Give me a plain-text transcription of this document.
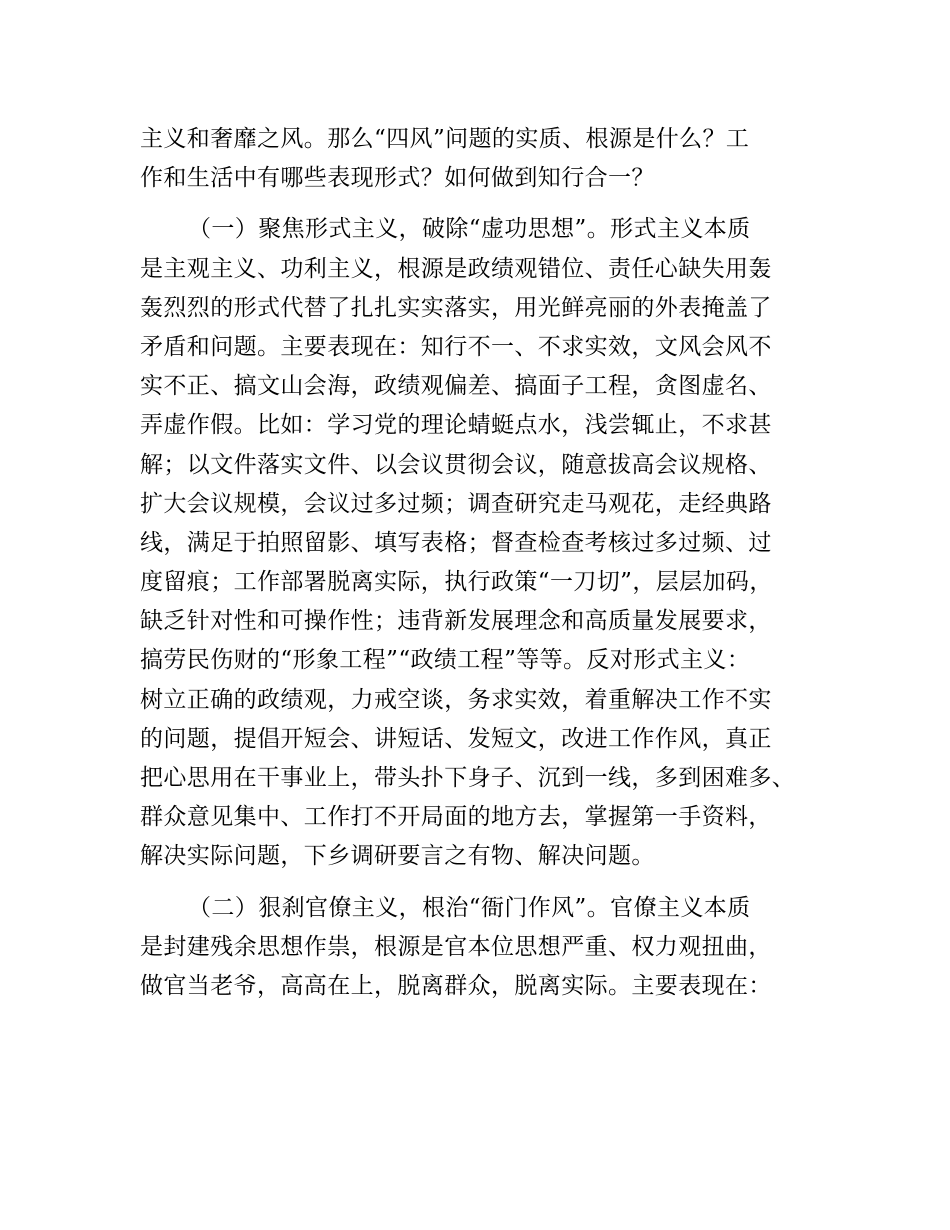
主义和奢靡之风。那么“四风”问题的实质、根源是什么？工
作和生活中有哪些表现形式？如何做到知行合一？
（一）聚焦形式主义，破除“虚功思想”。形式主义本质
是主观主义、功利主义，根源是政绩观错位、责任心缺失用轰
轰烈烈的形式代替了扎扎实实落实，用光鲜亮丽的外表掩盖了
矛盾和问题。主要表现在：知行不一、不求实效，文风会风不
实不正、搞文山会海，政绩观偏差、搞面子工程，贪图虚名、
弄虚作假。比如：学习党的理论蜻蜓点水，浅尝辄止，不求甚
解；以文件落实文件、以会议贯彻会议，随意拔高会议规格、
扩大会议规模，会议过多过频；调查研究走马观花，走经典路
线，满足于拍照留影、填写表格；督查检查考核过多过频、过
度留痕；工作部署脱离实际，执行政策“一刀切”，层层加码，
缺乏针对性和可操作性；违背新发展理念和高质量发展要求，
搞劳民伤财的“形象工程”“政绩工程”等等。反对形式主义：
树立正确的政绩观，力戒空谈，务求实效，着重解决工作不实
的问题，提倡开短会、讲短话、发短文，改进工作作风，真正
把心思用在干事业上，带头扑下身子、沉到一线，多到困难多、
群众意见集中、工作打不开局面的地方去，掌握第一手资料，
解决实际问题，下乡调研要言之有物、解决问题。
（二）狠刹官僚主义，根治“衙门作风”。官僚主义本质
是封建残余思想作祟，根源是官本位思想严重、权力观扭曲，
做官当老爷，高高在上，脱离群众，脱离实际。主要表现在：
